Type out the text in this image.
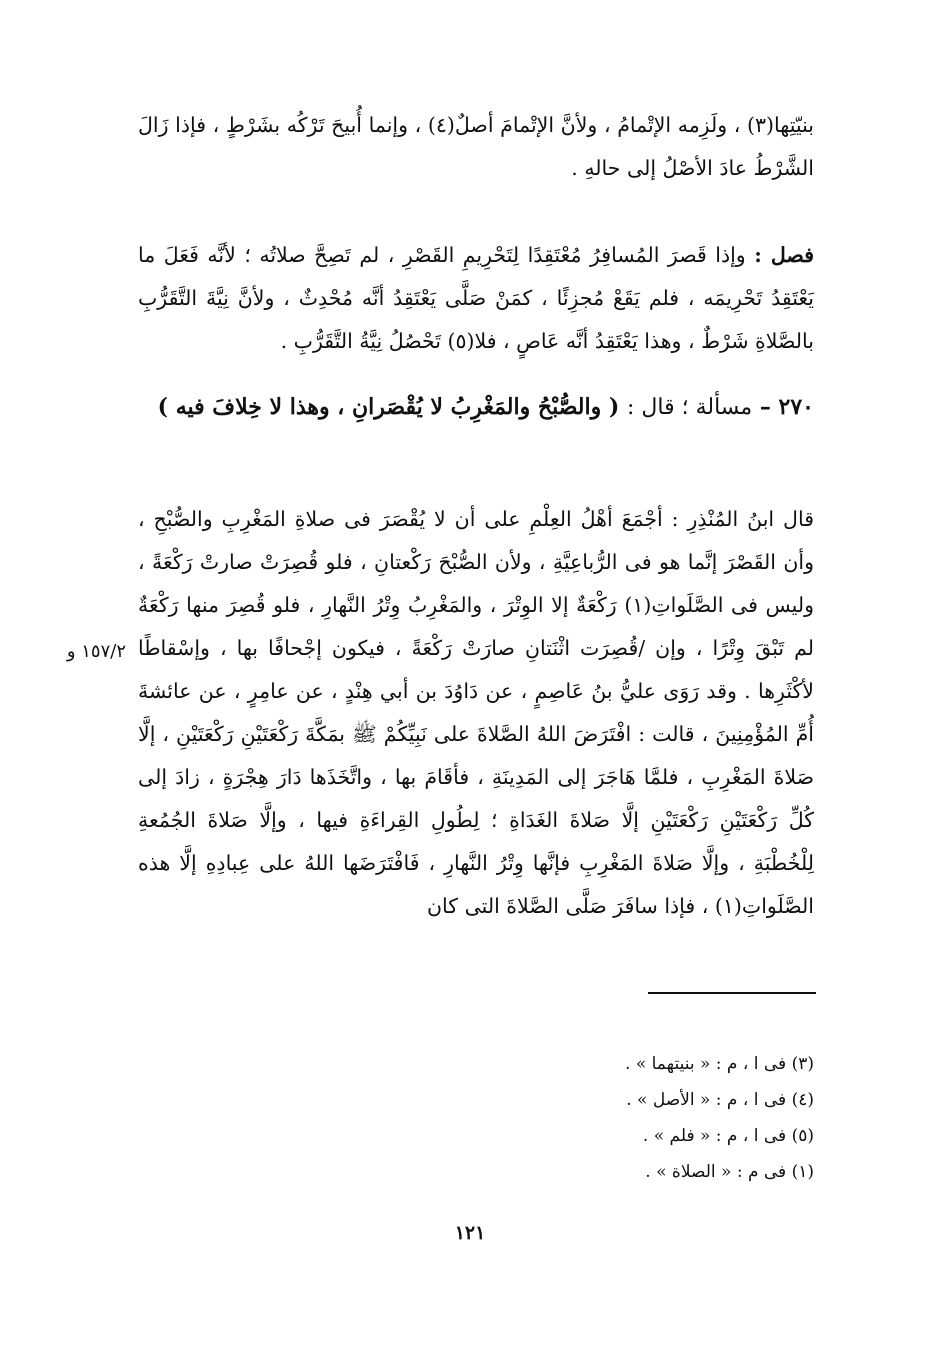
بنيّتِها(٣) ، ولَزِمه الإتْمامُ ، ولأنَّ الإتْمامَ أصلٌ(٤) ، وإنما أُبيحَ تَرْكُه بشَرْطٍ ، فإذا زَالَ الشَّرْطُ عادَ الأصْلُ إلى حالهِ .

فصل : وإذا قَصرَ المُسافِرُ مُعْتَقِدًا لِتَحْرِيمِ القَصْرِ ، لم تَصِحَّ صلاتُه ؛ لأنَّه فَعَلَ ما يَعْتَقِدُ تَحْرِيمَه ، فلم يَقَعْ مُجزِئًا ، كمَنْ صَلَّى يَعْتَقِدُ أنَّه مُحْدِثٌ ، ولأنَّ نِيَّةَ التَّقَرُّبِ بالصَّلاةِ شَرْطٌ ، وهذا يَعْتَقِدُ أنَّه عَاصٍ ، فلا(٥) تَحْصُلُ نِيَّةُ التَّقَرُّبِ .

٢٧٠ – مسألة ؛ قال : ( والصُّبْحُ والمَغْرِبُ لا يُقْصَرانِ ، وهذا لا خِلافَ فيه )

قال ابنُ المُنْذِرِ : أجْمَعَ أهْلُ العِلْمِ على أن لا يُقْصَرَ فى صلاةِ المَغْرِبِ والصُّبْحِ ، وأن القَصْرَ إنَّما هو فى الرُّباعِيَّةِ ، ولأن الصُّبْحَ رَكْعتانِ ، فلو قُصِرَتْ صارتْ رَكْعَةً ، وليس فى الصَّلَواتِ(١) رَكْعَةٌ إلا الوِتْرَ ، والمَغْرِبُ وِتْرُ النَّهارِ ، فلو قُصِرَ منها رَكْعَةٌ لم تَبْقَ وِتْرًا ، وإن /قُصِرَت اثْنَتانِ صارَتْ رَكْعَةً ، فيكون إجْحافًا بها ، وإسْقاطًا لأكْثَرِها . وقد رَوَى عليُّ بنُ عَاصِمٍ ، عن دَاوُدَ بن أبي هِنْدٍ ، عن عامِرٍ ، عن عائشةَ أُمِّ المُؤْمِنِينَ ، قالت : افْتَرَضَ اللهُ الصَّلاةَ على نَبِيِّكُمْ ﷺ بمَكَّةَ رَكْعَتَيْنِ رَكْعَتَيْنِ ، إلَّا صَلاةَ المَغْرِبِ ، فلمَّا هَاجَرَ إلى المَدِينَةِ ، فأقَامَ بها ، واتَّخَذَها دَارَ هِجْرَةٍ ، زادَ إلى كُلِّ رَكْعَتَيْنِ رَكْعَتَيْنِ إلَّا صَلاةَ الغَدَاةِ ؛ لِطُولِ القِراءَةِ فيها ، وإلَّا صَلاةَ الجُمُعةِ لِلْخُطْبَةِ ، وإلَّا صَلاةَ المَغْرِبِ فإنَّها وِتْرُ النَّهارِ ، فَافْتَرَضَها اللهُ على عِبادِهِ إلَّا هذه الصَّلَواتِ(١) ، فإذا سافَرَ صَلَّى الصَّلاةَ التى كان

١٥٧/٢ و
(٣) فى ا ، م : « بنيتهما » .
(٤) فى ا ، م : « الأصل » .
(٥) فى ا ، م : « فلم » .
(١) فى م : « الصلاة » .
١٢١
